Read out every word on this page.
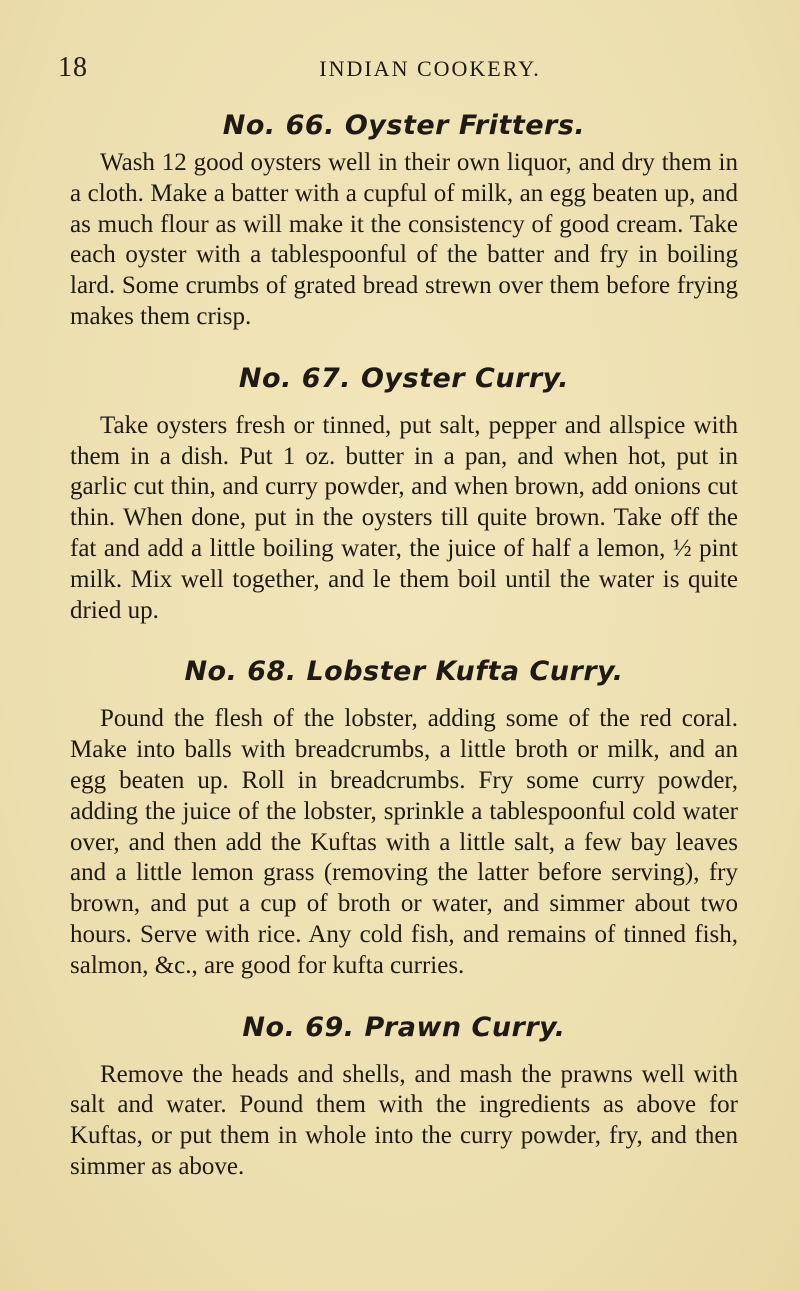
18	INDIAN COOKERY.
No. 66. Oyster Fritters.

Wash 12 good oysters well in their own liquor, and dry them in a cloth. Make a batter with a cupful of milk, an egg beaten up, and as much flour as will make it the consistency of good cream. Take each oyster with a tablespoonful of the batter and fry in boiling lard. Some crumbs of grated bread strewn over them before frying makes them crisp.

No. 67. Oyster Curry.

Take oysters fresh or tinned, put salt, pepper and allspice with them in a dish. Put 1 oz. butter in a pan, and when hot, put in garlic cut thin, and curry powder, and when brown, add onions cut thin. When done, put in the oysters till quite brown. Take off the fat and add a little boiling water, the juice of half a lemon, ½ pint milk. Mix well together, and le them boil until the water is quite dried up.

No. 68. Lobster Kufta Curry.

Pound the flesh of the lobster, adding some of the red coral. Make into balls with breadcrumbs, a little broth or milk, and an egg beaten up. Roll in breadcrumbs. Fry some curry powder, adding the juice of the lobster, sprinkle a tablespoonful cold water over, and then add the Kuftas with a little salt, a few bay leaves and a little lemon grass (removing the latter before serving), fry brown, and put a cup of broth or water, and simmer about two hours. Serve with rice. Any cold fish, and remains of tinned fish, salmon, &c., are good for kufta curries.

No. 69. Prawn Curry.

Remove the heads and shells, and mash the prawns well with salt and water. Pound them with the ingredients as above for Kuftas, or put them in whole into the curry powder, fry, and then simmer as above.
